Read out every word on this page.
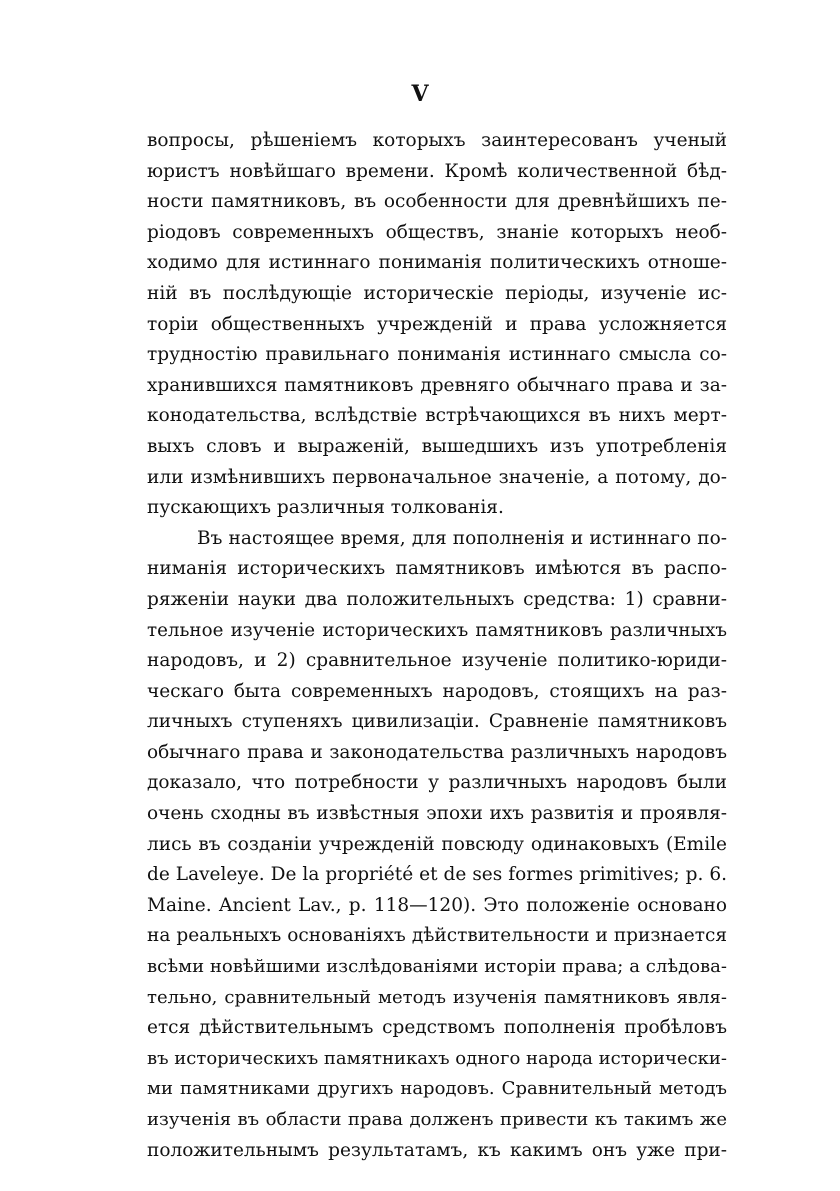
V
вопросы, рѣшеніемъ которыхъ заинтересованъ ученый
юристъ новѣйшаго времени. Кромѣ количественной бѣд-
ности памятниковъ, въ особенности для древнѣйшихъ пе-
ріодовъ современныхъ обществъ, знаніе которыхъ необ-
ходимо для истиннаго пониманія политическихъ отноше-
ній въ послѣдующіе историческіе періоды, изученіе ис-
торіи общественныхъ учрежденій и права усложняется
трудностію правильнаго пониманія истиннаго смысла со-
хранившихся памятниковъ древняго обычнаго права и за-
конодательства, вслѣдствіе встрѣчающихся въ нихъ мерт-
выхъ словъ и выраженій, вышедшихъ изъ употребленія
или измѣнившихъ первоначальное значеніе, а потому, до-
пускающихъ различныя толкованія.
Въ настоящее время, для пополненія и истиннаго по-
ниманія историческихъ памятниковъ имѣются въ распо-
ряженіи науки два положительныхъ средства: 1) сравни-
тельное изученіе историческихъ памятниковъ различныхъ
народовъ, и 2) сравнительное изученіе политико-юриди-
ческаго быта современныхъ народовъ, стоящихъ на раз-
личныхъ ступеняхъ цивилизаціи. Сравненіе памятниковъ
обычнаго права и законодательства различныхъ народовъ
доказало, что потребности у различныхъ народовъ были
очень сходны въ извѣстныя эпохи ихъ развитія и проявля-
лись въ созданіи учрежденій повсюду одинаковыхъ (Emile
de Laveleye. De la propriété et de ses formes primitives; p. 6.
Maine. Ancient Lav., p. 118—120). Это положеніе основано
на реальныхъ основаніяхъ дѣйствительности и признается
всѣми новѣйшими изслѣдованіями исторіи права; а слѣдова-
тельно, сравнительный методъ изученія памятниковъ явля-
ется дѣйствительнымъ средствомъ пополненія пробѣловъ
въ историческихъ памятникахъ одного народа исторически-
ми памятниками другихъ народовъ. Сравнительный методъ
изученія въ области права долженъ привести къ такимъ же
положительнымъ результатамъ, къ какимъ онъ уже при-
